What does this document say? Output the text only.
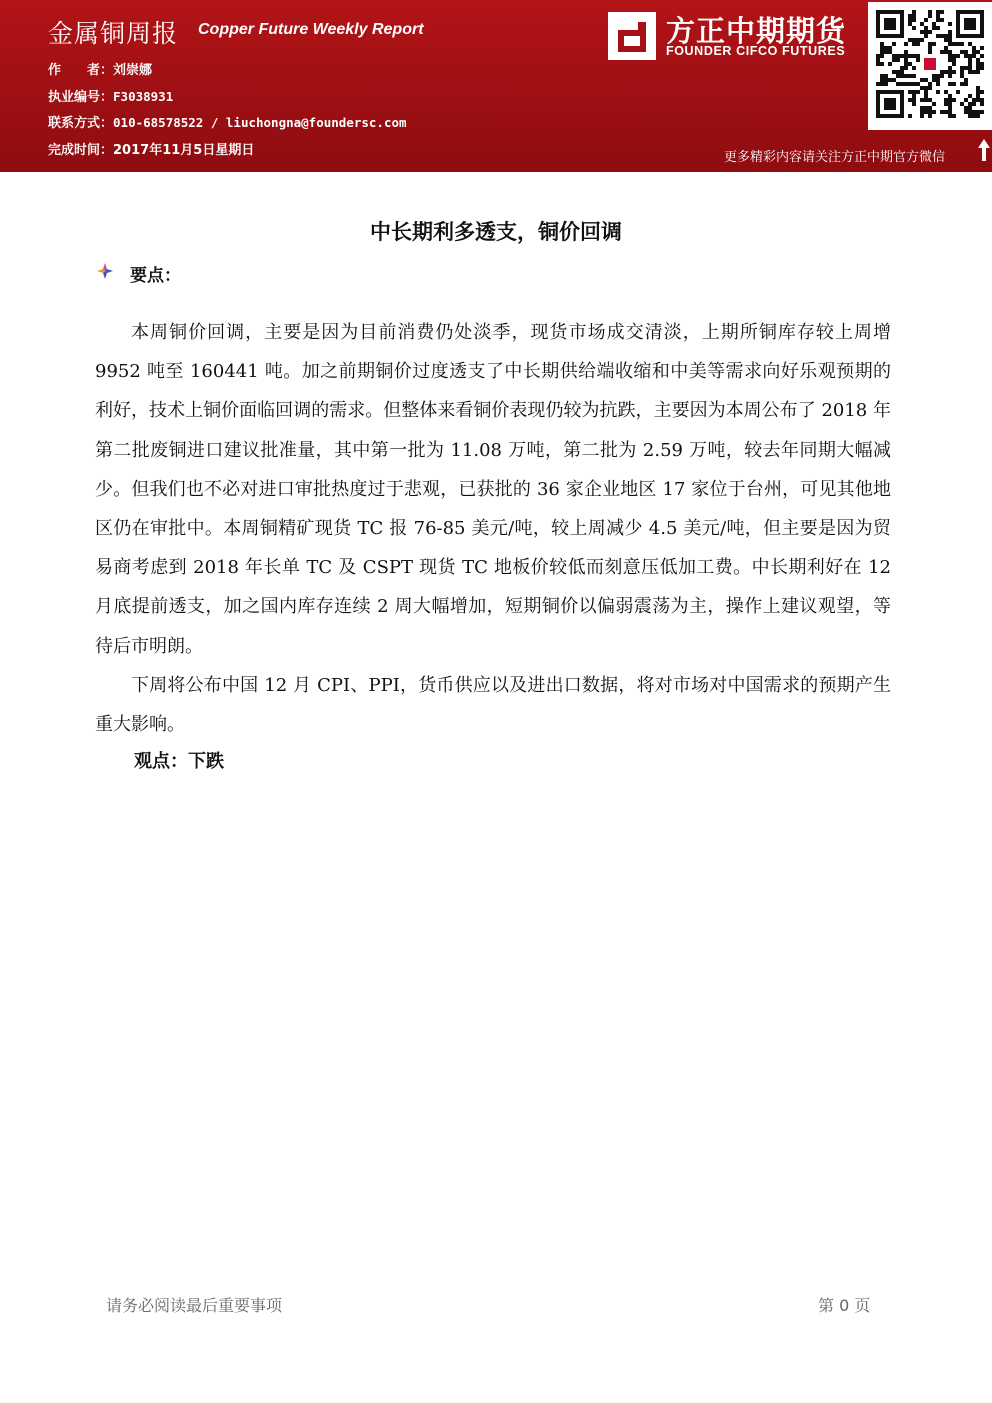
金属铜周报 Copper Future Weekly Report
作　　者：刘崇娜
执业编号：F3038931
联系方式：010-68578522 / liuchongna@foundersc.com
完成时间：2017年11月5日星期日
方正中期期货
FOUNDER CIFCO FUTURES
更多精彩内容请关注方正中期官方微信
中长期利多透支，铜价回调
要点：

本周铜价回调，主要是因为目前消费仍处淡季，现货市场成交清淡，上期所铜库存较上周增 9952 吨至 160441 吨。加之前期铜价过度透支了中长期供给端收缩和中美等需求向好乐观预期的利好，技术上铜价面临回调的需求。但整体来看铜价表现仍较为抗跌，主要因为本周公布了 2018 年第二批废铜进口建议批准量，其中第一批为 11.08 万吨，第二批为 2.59 万吨，较去年同期大幅减少。但我们也不必对进口审批热度过于悲观，已获批的 36 家企业地区 17 家位于台州，可见其他地区仍在审批中。本周铜精矿现货 TC 报 76-85 美元/吨，较上周减少 4.5 美元/吨，但主要是因为贸易商考虑到 2018 年长单 TC 及 CSPT 现货 TC 地板价较低而刻意压低加工费。中长期利好在 12 月底提前透支，加之国内库存连续 2 周大幅增加，短期铜价以偏弱震荡为主，操作上建议观望，等待后市明朗。

下周将公布中国 12 月 CPI、PPI，货币供应以及进出口数据，将对市场对中国需求的预期产生重大影响。

观点：下跌
请务必阅读最后重要事项	第 0 页
